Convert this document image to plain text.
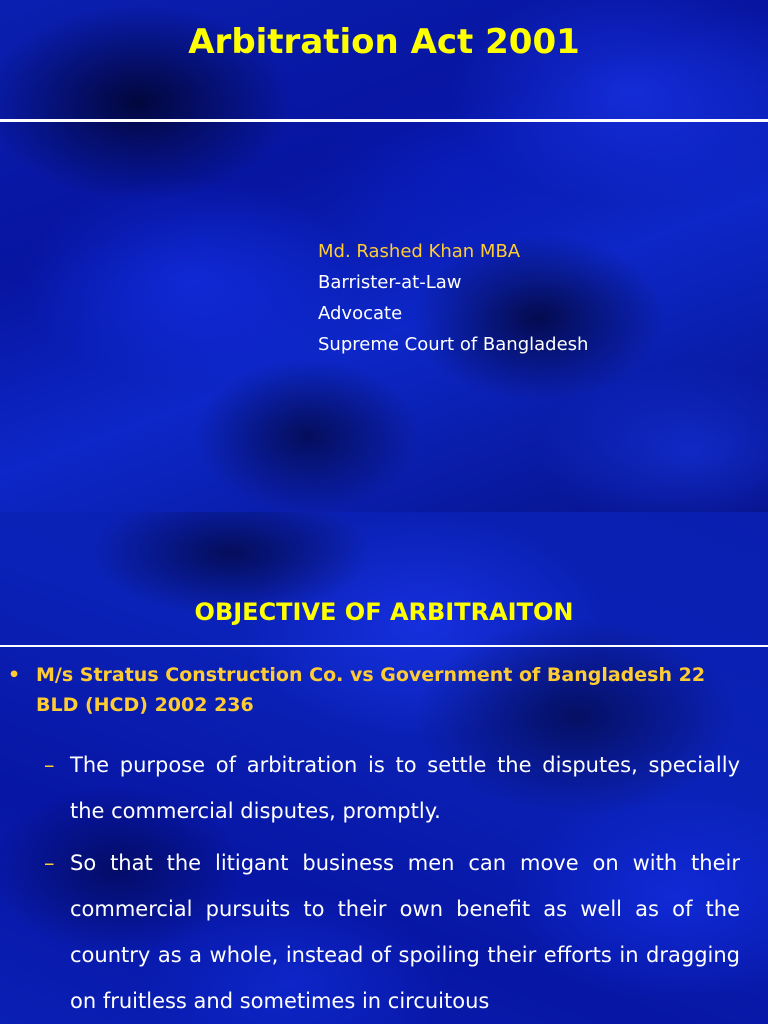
Arbitration Act 2001
Md. Rashed Khan MBA
Barrister-at-Law
Advocate
Supreme Court of Bangladesh
OBJECTIVE OF ARBITRAITON
• M/s Stratus Construction Co. vs Government of Bangladesh 22 BLD (HCD) 2002 236
– The purpose of arbitration is to settle the disputes, specially the commercial disputes, promptly.
– So that the litigant business men can move on with their commercial pursuits to their own benefit as well as of the country as a whole, instead of spoiling their efforts in dragging on fruitless and sometimes in circuitous
